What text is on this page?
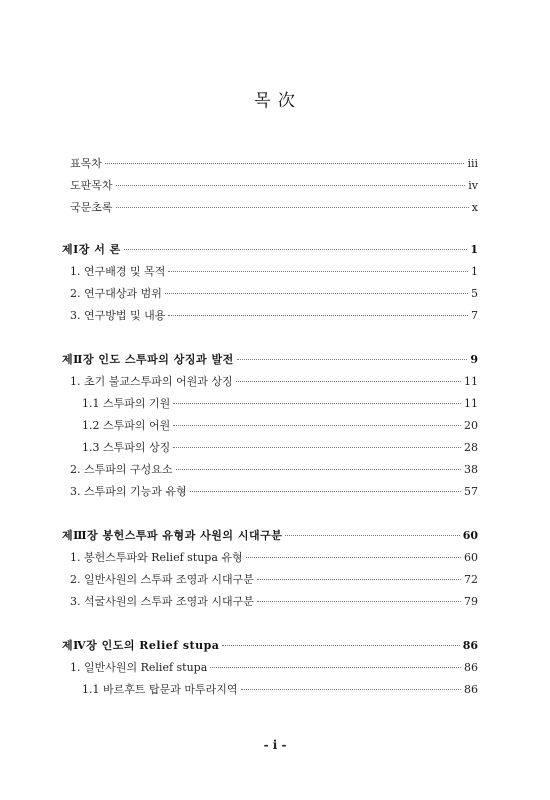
목 次
표목차	iii
도판목차	iv
국문초록	x
제Ⅰ장 서 론	1
1. 연구배경 및 목적	1
2. 연구대상과 범위	5
3. 연구방법 및 내용	7
제Ⅱ장 인도 스투파의 상징과 발전	9
1. 초기 불교스투파의 어원과 상징	11
1.1 스투파의 기원	11
1.2 스투파의 어원	20
1.3 스투파의 상징	28
2. 스투파의 구성요소	38
3. 스투파의 기능과 유형	57
제Ⅲ장 봉헌스투파 유형과 사원의 시대구분	60
1. 봉헌스투파와 Relief stupa 유형	60
2. 일반사원의 스투파 조영과 시대구분	72
3. 석굴사원의 스투파 조영과 시대구분	79
제Ⅳ장 인도의 Relief stupa	86
1. 일반사원의 Relief stupa	86
1.1 바르후트 탑문과 마투라지역	86
- i -
